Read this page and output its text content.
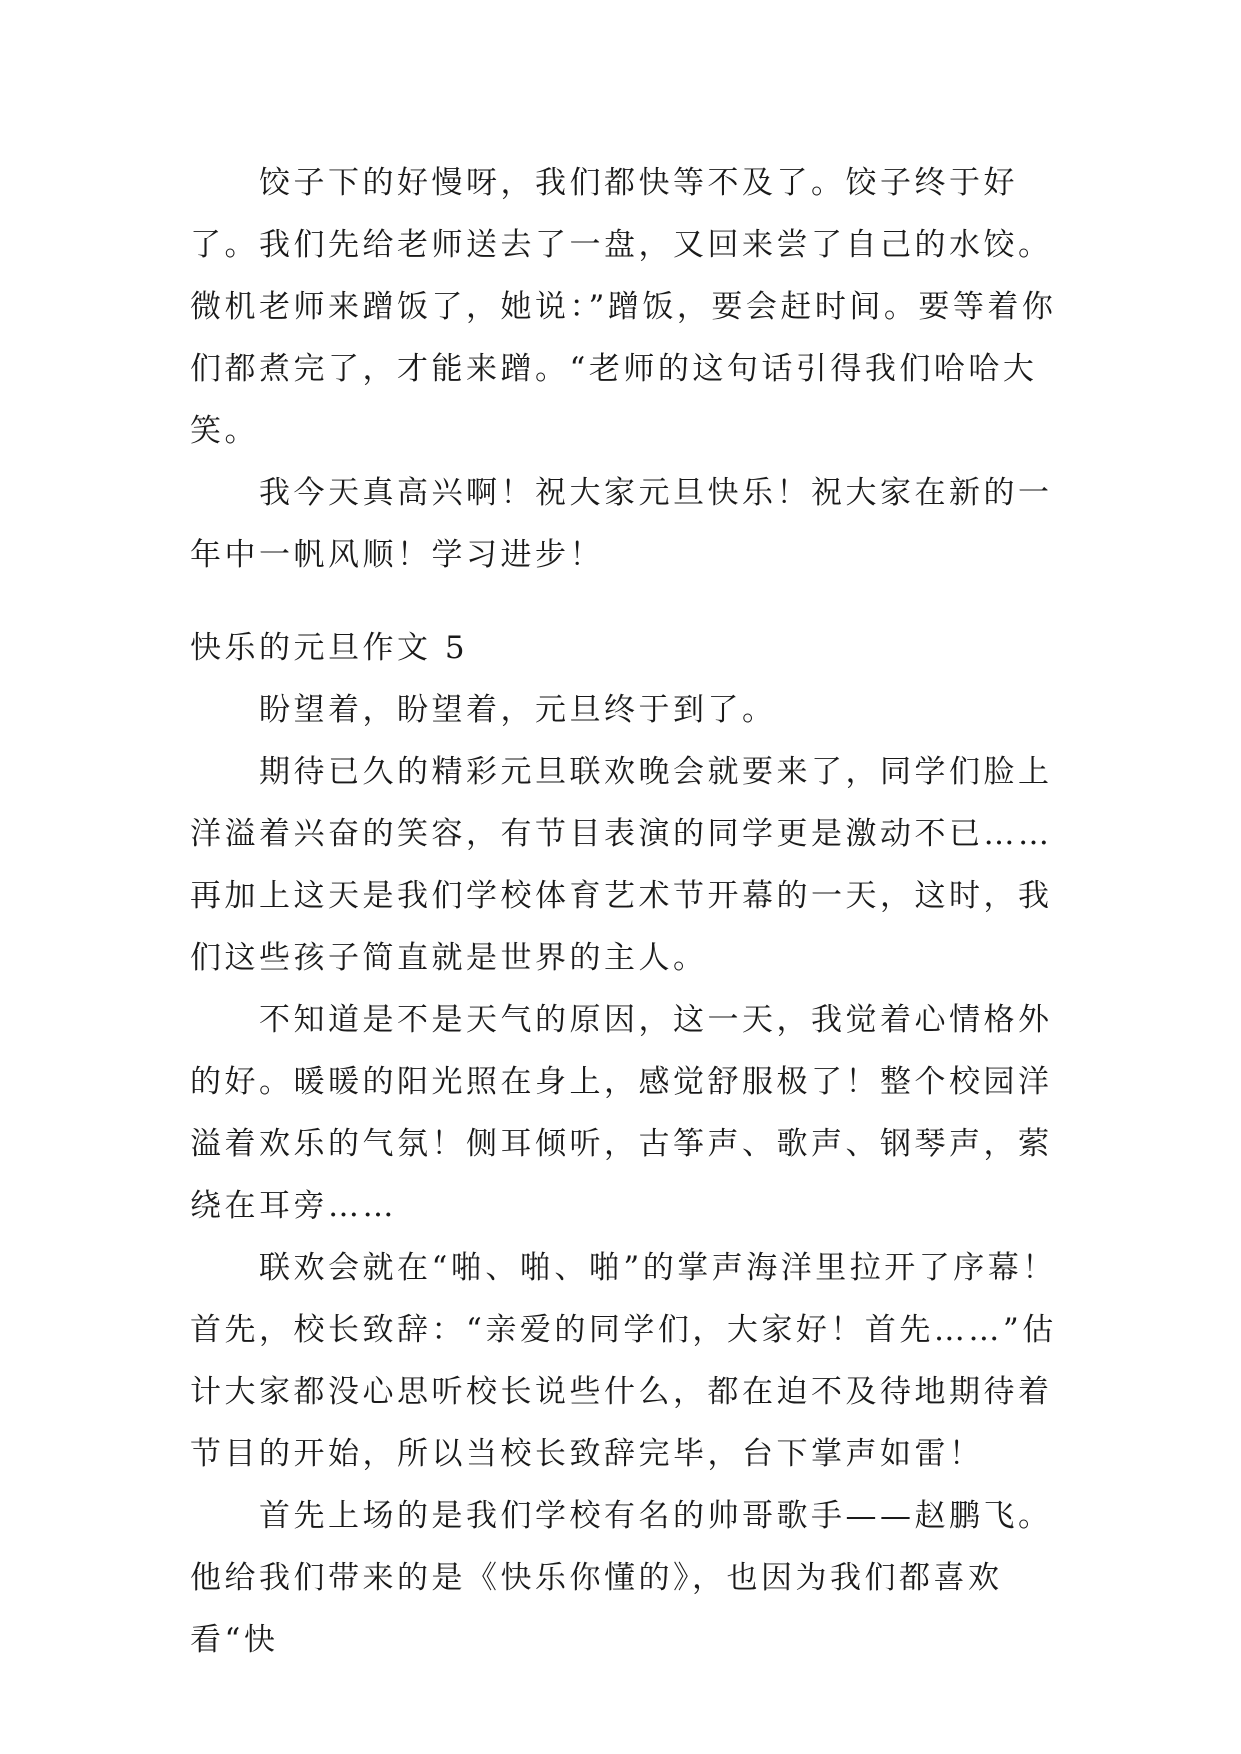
饺子下的好慢呀，我们都快等不及了。饺子终于好了。我们先给老师送去了一盘，又回来尝了自己的水饺。微机老师来蹭饭了，她说：”蹭饭，要会赶时间。要等着你们都煮完了，才能来蹭。“老师的这句话引得我们哈哈大笑。

我今天真高兴啊！祝大家元旦快乐！祝大家在新的一年中一帆风顺！学习进步！

快乐的元旦作文 5

盼望着，盼望着，元旦终于到了。

期待已久的精彩元旦联欢晚会就要来了，同学们脸上洋溢着兴奋的笑容，有节目表演的同学更是激动不已……再加上这天是我们学校体育艺术节开幕的一天，这时，我们这些孩子简直就是世界的主人。

不知道是不是天气的原因，这一天，我觉着心情格外的好。暖暖的阳光照在身上，感觉舒服极了！整个校园洋溢着欢乐的气氛！侧耳倾听，古筝声、歌声、钢琴声，萦绕在耳旁……

联欢会就在“啪、啪、啪”的掌声海洋里拉开了序幕！首先，校长致辞：“亲爱的同学们，大家好！首先……”估计大家都没心思听校长说些什么，都在迫不及待地期待着节目的开始，所以当校长致辞完毕，台下掌声如雷！

首先上场的是我们学校有名的帅哥歌手——赵鹏飞。他给我们带来的是《快乐你懂的》，也因为我们都喜欢看“快
